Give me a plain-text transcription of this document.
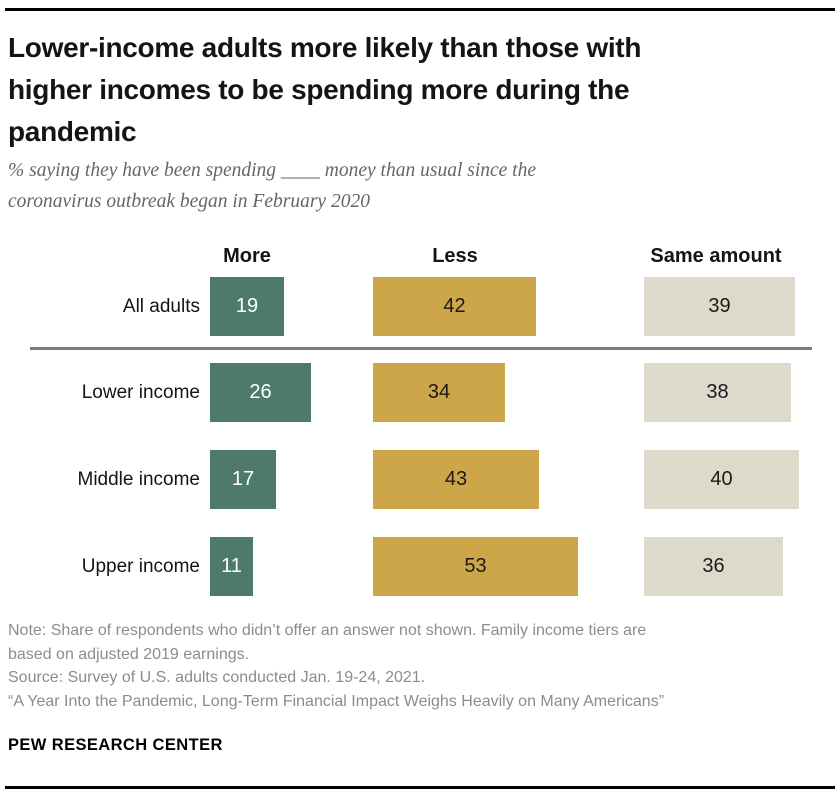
Lower-income adults more likely than those with
higher incomes to be spending more during the
pandemic

% saying they have been spending ____ money than usual since the
coronavirus outbreak began in February 2020

More	Less	Same amount
All adults 19	42	39
Lower income 26	34	38
Middle income 17	43	40
Upper income 11	53	36
Note: Share of respondents who didn’t offer an answer not shown. Family income tiers are
based on adjusted 2019 earnings.
Source: Survey of U.S. adults conducted Jan. 19-24, 2021.
“A Year Into the Pandemic, Long-Term Financial Impact Weighs Heavily on Many Americans”
PEW RESEARCH CENTER
